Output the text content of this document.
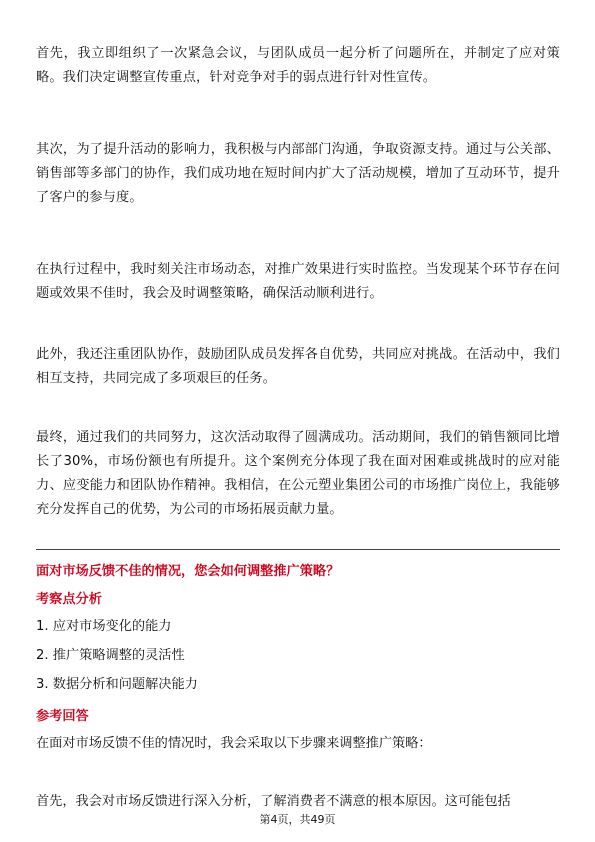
首先，我立即组织了一次紧急会议，与团队成员一起分析了问题所在，并制定了应对策略。我们决定调整宣传重点，针对竞争对手的弱点进行针对性宣传。

其次，为了提升活动的影响力，我积极与内部部门沟通，争取资源支持。通过与公关部、销售部等多部门的协作，我们成功地在短时间内扩大了活动规模，增加了互动环节，提升了客户的参与度。

在执行过程中，我时刻关注市场动态，对推广效果进行实时监控。当发现某个环节存在问题或效果不佳时，我会及时调整策略，确保活动顺利进行。

此外，我还注重团队协作，鼓励团队成员发挥各自优势，共同应对挑战。在活动中，我们相互支持，共同完成了多项艰巨的任务。

最终，通过我们的共同努力，这次活动取得了圆满成功。活动期间，我们的销售额同比增长了30%，市场份额也有所提升。这个案例充分体现了我在面对困难或挑战时的应对能力、应变能力和团队协作精神。我相信，在公元塑业集团公司的市场推广岗位上，我能够充分发挥自己的优势，为公司的市场拓展贡献力量。

面对市场反馈不佳的情况，您会如何调整推广策略？

考察点分析

1. 应对市场变化的能力

2. 推广策略调整的灵活性

3. 数据分析和问题解决能力

参考回答

在面对市场反馈不佳的情况时，我会采取以下步骤来调整推广策略：

首先，我会对市场反馈进行深入分析，了解消费者不满意的根本原因。这可能包括

第4页，共49页
